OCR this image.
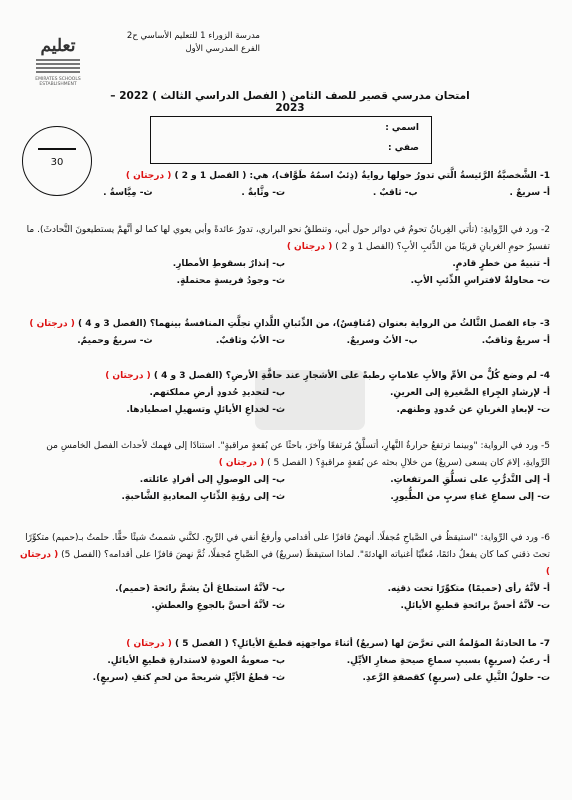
مدرسة الزوراء 1 للتعليم الأساسي ح2
الفرع المدرسي الأول
تعليم
EMIRATES SCHOOLS ESTABLISHMENT
امتحان مدرسي قصير للصف الثامن ( الفصل الدراسي الثالث ) 2022 – 2023
اسمي :
صفي :
30
1- الشَّخصيَّةُ الرَّئيسةُ الَّتي تدورُ حولها روايةُ (ذِئبٌ اسمُهُ طَوَّاف)، هي: ( الفصل 1 و 2 ) ( درجتان )
أ- سريعٌ .
ب- ثاقبٌ .
ت- وثَّابةٌ .
ث- مِيَّاسةُ .
2- ورد في الرِّوايةِ: (تأتي الغِربانُ تحومُ في دوائر حول أبي، وتنطلقُ نحو البراري، تدورُ عائدةً وأبي يعوي لها كما لو أنَّهمْ يستطيعونَ التَّحادثَ). ما تفسيرُ حومِ الغربانِ قريبًا من الذِّئبِ الأبِ؟ (الفصل 1 و 2 ) ( درجتان )
أ- تنبيهٌ من خطرٍ قادمٍ.
ب- إنذارٌ بسقوطِ الأمطارِ.
ت- محاولةٌ لافتراسِ الذِّئبِ الأبِ.
ث- وجودُ فريسةٍ محتملةٍ.
3- جاء الفصل الثَّالثُ من الرواية بعنوان (مُنافِسٌ)، من الذِّئبانِ اللَّذانِ تجلَّتِ المنافسةُ بينهما؟ (الفصل 3 و 4 ) ( درجتان )
أ- سريعٌ وثاقبٌ.
ب- الأبُ وسريعٌ.
ت- الأبُ وثاقبٌ.
ث- سريعٌ وحميمٌ.
4- لم وضع كُلٌّ من الأمِّ والأبِ علاماتٍ رطبةً على الأشجارِ عند حافَّةِ الأرضِ؟ (الفصل 3 و 4 ) ( درجتان )
أ- لإرشادِ الجِراءِ الصَّغيرةِ إلى العرينِ.
ب- لتحديدِ حُدودِ أرضِ مملكتهم.
ت- لإبعادِ الغربانِ عن حُدودِ وطنهم.
ث- لخداعِ الأيائلِ وتسهيلِ اصطيادها.
5- ورد في الرواية: "وبينما ترتفعُ حرارةُ النَّهارِ، أتسلَّقُ مُرتفعًا وآخرَ، باحثًا عن بُقعةٍ مراقبةٍ". استنادًا إلى فهمك لأحداث الفصل الخامسِ من الرِّوايةِ، إلامَ كان يسعى (سريعٌ) من خلالِ بحثه عن بُقعةٍ مراقبةٍ؟ ( الفصل 5 ) ( درجتان )
أ- إلى التَّدرُّبِ على تسلُّقِ المرتفعاتِ.
ب- إلى الوصولِ إلى أفرادِ عائلته.
ت- إلى سماعِ غناءِ سربٍ من الطُّيورِ.
ث- إلى رؤيةِ الذِّئابِ المعاديةِ الشَّاحبةِ.
6- ورد في الرِّواية: "استيقظُ في الصَّباحِ مُجفلًا. أنهضُ قافزًا على أقدامي وأرفعُ أنفي في الرِّيحِ. لكنَّني شممتُ شيئًا حقًّا. حلمتُ بـ(حميم) متكوِّرًا تحتَ ذقني كما كان يفعلُ دائمًا، مُغنِّيًا أغنياته الهادئةَ". لماذا استيقظَ (سريعٌ) في الصَّباحِ مُجفلًا، ثُمَّ نهضَ قافزًا على أقدامه؟ (الفصل 5) ( درجتان )
أ- لأنَّهُ رأى (حميمًا) متكوِّرًا تحت ذقنِه.
ب- لأنَّهُ استطاعَ أنْ يشمَّ رائحةَ (حميم).
ت- لأنَّهُ أحسَّ برائحةِ قطيعِ الأيائلِ.
ث- لأنَّهُ أحسَّ بالجوعِ والعطشِ.
7- ما الحادثةُ المؤلمةُ التي تعرَّضَ لها (سريعٌ) أثناءَ مواجهتِه قطيعَ الأيائلِ؟ ( الفصل 5 ) ( درجتان )
أ- رعبُ (سريعٍ) بسببِ سماعِ صيحةِ صغارِ الأيِّلِ.
ب- صعوبةُ العودةِ لاستدارةِ قطيعِ الأيائلِ.
ت- حلولُ الثَّيلِ على (سريعٍ) كقصفةِ الرَّعدِ.
ث- قطعُ الأيِّلِ شريحةً من لحمِ كتفِ (سريعٍ).
